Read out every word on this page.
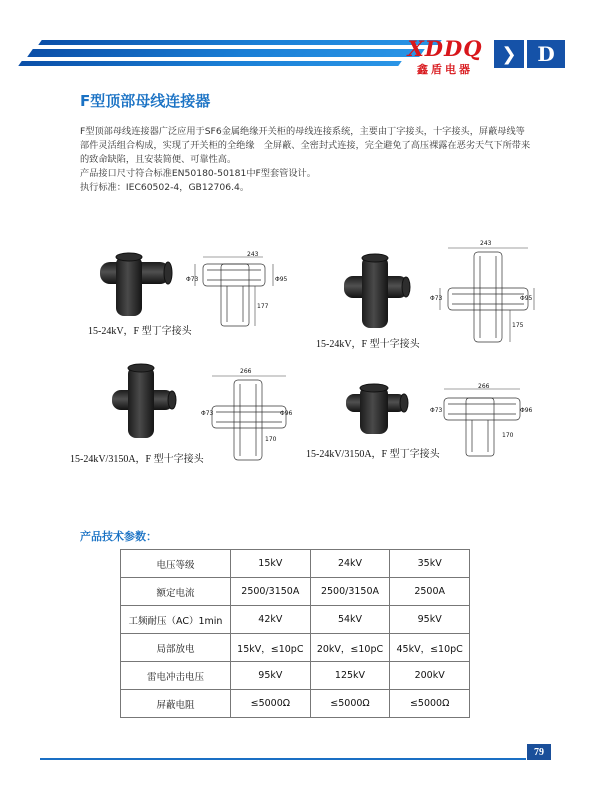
XDDQ
鑫盾电器
❯	D
F型顶部母线连接器

F型顶部母线连接器广泛应用于SF6金属绝缘开关柜的母线连接系统，主要由丁字接头，十字接头，屏蔽母线等部件灵活组合构成，实现了开关柜的全绝缘　全屏蔽、全密封式连接，完全避免了高压裸露在恶劣天气下所带来的致命缺陷，且安装简便、可靠性高。

产品接口尺寸符合标准EN50180-50181中F型套管设计。

执行标准：IEC60502-4，GB12706.4。

243
Φ73	Φ95
177
15-24kV，F 型丁字接头
243
Φ73	Φ95
175
15-24kV，F 型十字接头
266
Φ73	Φ96
170
15-24kV/3150A，F 型十字接头
266
Φ73	Φ96
170
15-24kV/3150A，F 型丁字接头
产品技术参数：
电压等级	15kV	24kV	35kV
额定电流	2500/3150A	2500/3150A	2500A
工频耐压（AC）1min	42kV	54kV	95kV
局部放电	15kV，≤10pC	20kV，≤10pC	45kV，≤10pC
雷电冲击电压	95kV	125kV	200kV
屏蔽电阻	≤5000Ω	≤5000Ω	≤5000Ω
79
